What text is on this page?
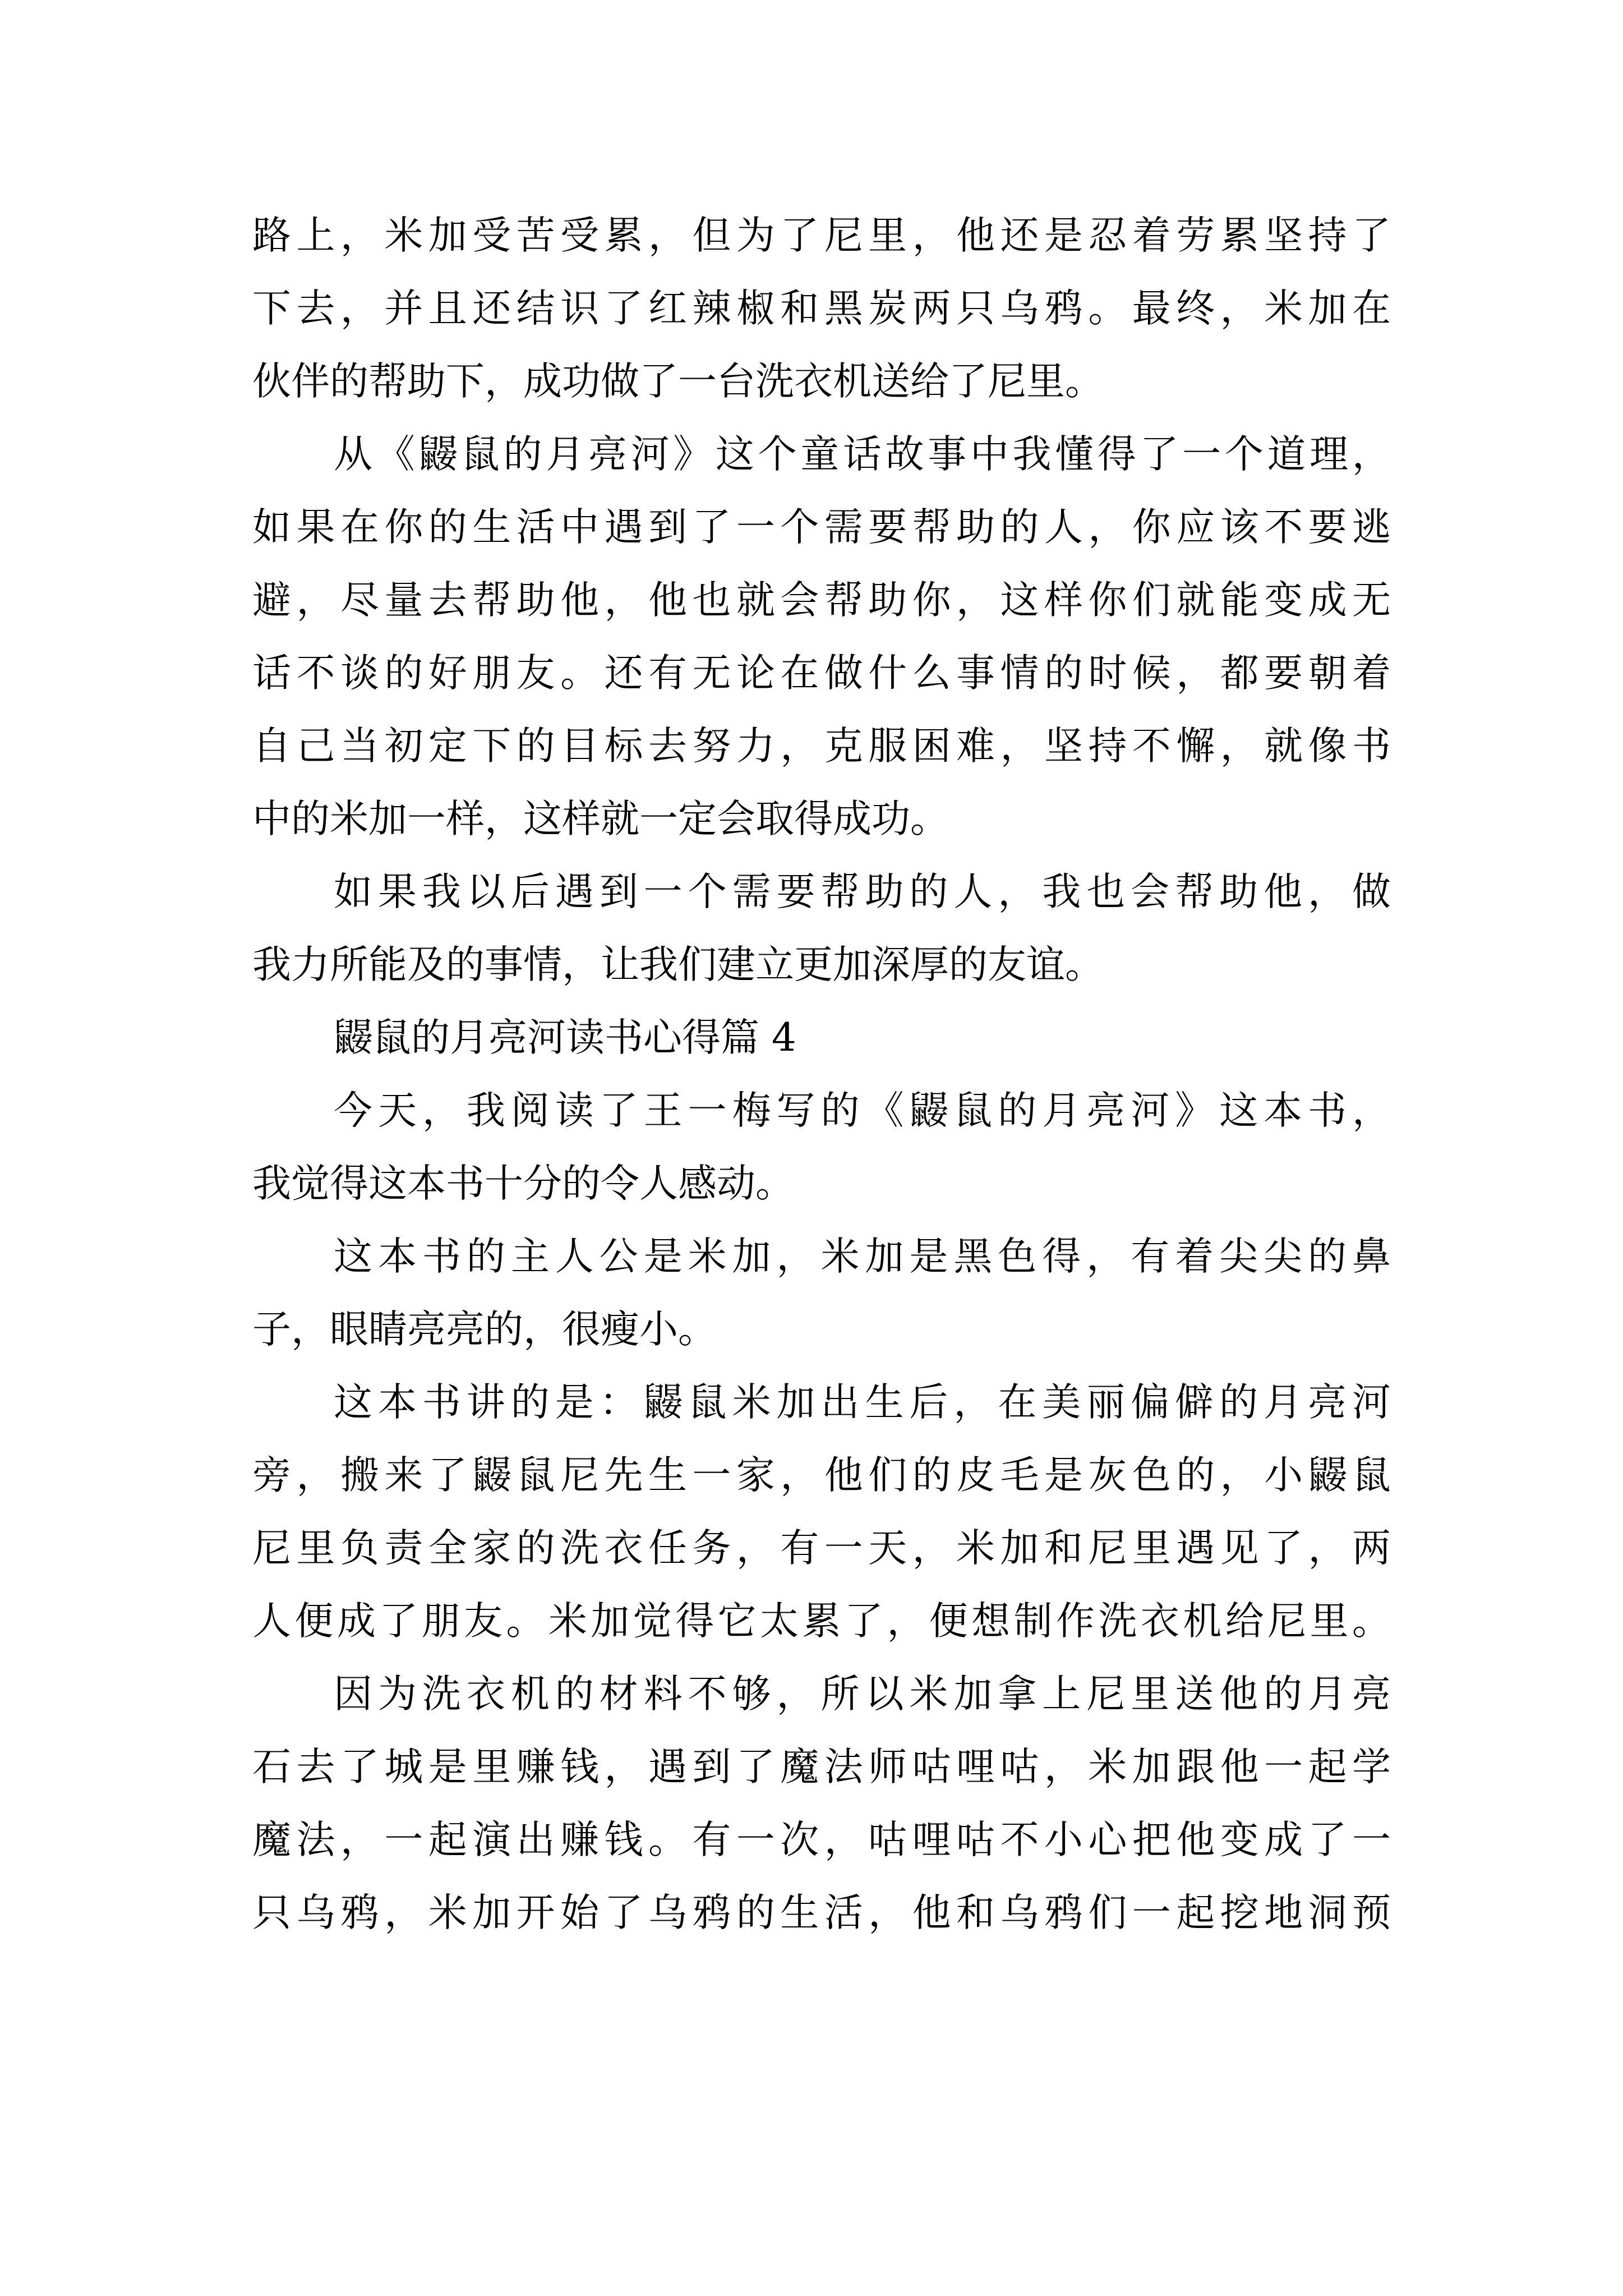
路 上 ， 米 加 受 苦 受 累 ， 但 为 了 尼 里 ， 他 还 是 忍 着 劳 累 坚 持 了
下 去 ， 并 且 还 结 识 了 红 辣 椒 和 黑 炭 两 只 乌 鸦 。 最 终 ， 米 加 在
伙伴的帮助下，成功做了一台洗衣机送给了尼里。
从 《 鼹 鼠 的 月 亮 河 》 这 个 童 话 故 事 中 我 懂 得 了 一 个 道 理 ，
如 果 在 你 的 生 活 中 遇 到 了 一 个 需 要 帮 助 的 人 ， 你 应 该 不 要 逃
避 ， 尽 量 去 帮 助 他 ， 他 也 就 会 帮 助 你 ， 这 样 你 们 就 能 变 成 无
话 不 谈 的 好 朋 友 。 还 有 无 论 在 做 什 么 事 情 的 时 候 ， 都 要 朝 着
自 己 当 初 定 下 的 目 标 去 努 力 ， 克 服 困 难 ， 坚 持 不 懈 ， 就 像 书
中的米加一样，这样就一定会取得成功。
如 果 我 以 后 遇 到 一 个 需 要 帮 助 的 人 ， 我 也 会 帮 助 他 ， 做
我力所能及的事情，让我们建立更加深厚的友谊。
鼹鼠的月亮河读书心得篇 4
今 天 ， 我 阅 读 了 王 一 梅 写 的 《 鼹 鼠 的 月 亮 河 》 这 本 书 ，
我觉得这本书十分的令人感动。
这 本 书 的 主 人 公 是 米 加 ， 米 加 是 黑 色 得 ， 有 着 尖 尖 的 鼻
子，眼睛亮亮的，很瘦小。
这 本 书 讲 的 是 ： 鼹 鼠 米 加 出 生 后 ， 在 美 丽 偏 僻 的 月 亮 河
旁 ， 搬 来 了 鼹 鼠 尼 先 生 一 家 ， 他 们 的 皮 毛 是 灰 色 的 ， 小 鼹 鼠
尼 里 负 责 全 家 的 洗 衣 任 务 ， 有 一 天 ， 米 加 和 尼 里 遇 见 了 ， 两
人 便 成 了 朋 友 。 米 加 觉 得 它 太 累 了 ， 便 想 制 作 洗 衣 机 给 尼 里 。
因 为 洗 衣 机 的 材 料 不 够 ， 所 以 米 加 拿 上 尼 里 送 他 的 月 亮
石 去 了 城 是 里 赚 钱 ， 遇 到 了 魔 法 师 咕 哩 咕 ， 米 加 跟 他 一 起 学
魔 法 ， 一 起 演 出 赚 钱 。 有 一 次 ， 咕 哩 咕 不 小 心 把 他 变 成 了 一
只 乌 鸦 ， 米 加 开 始 了 乌 鸦 的 生 活 ， 他 和 乌 鸦 们 一 起 挖 地 洞 预
